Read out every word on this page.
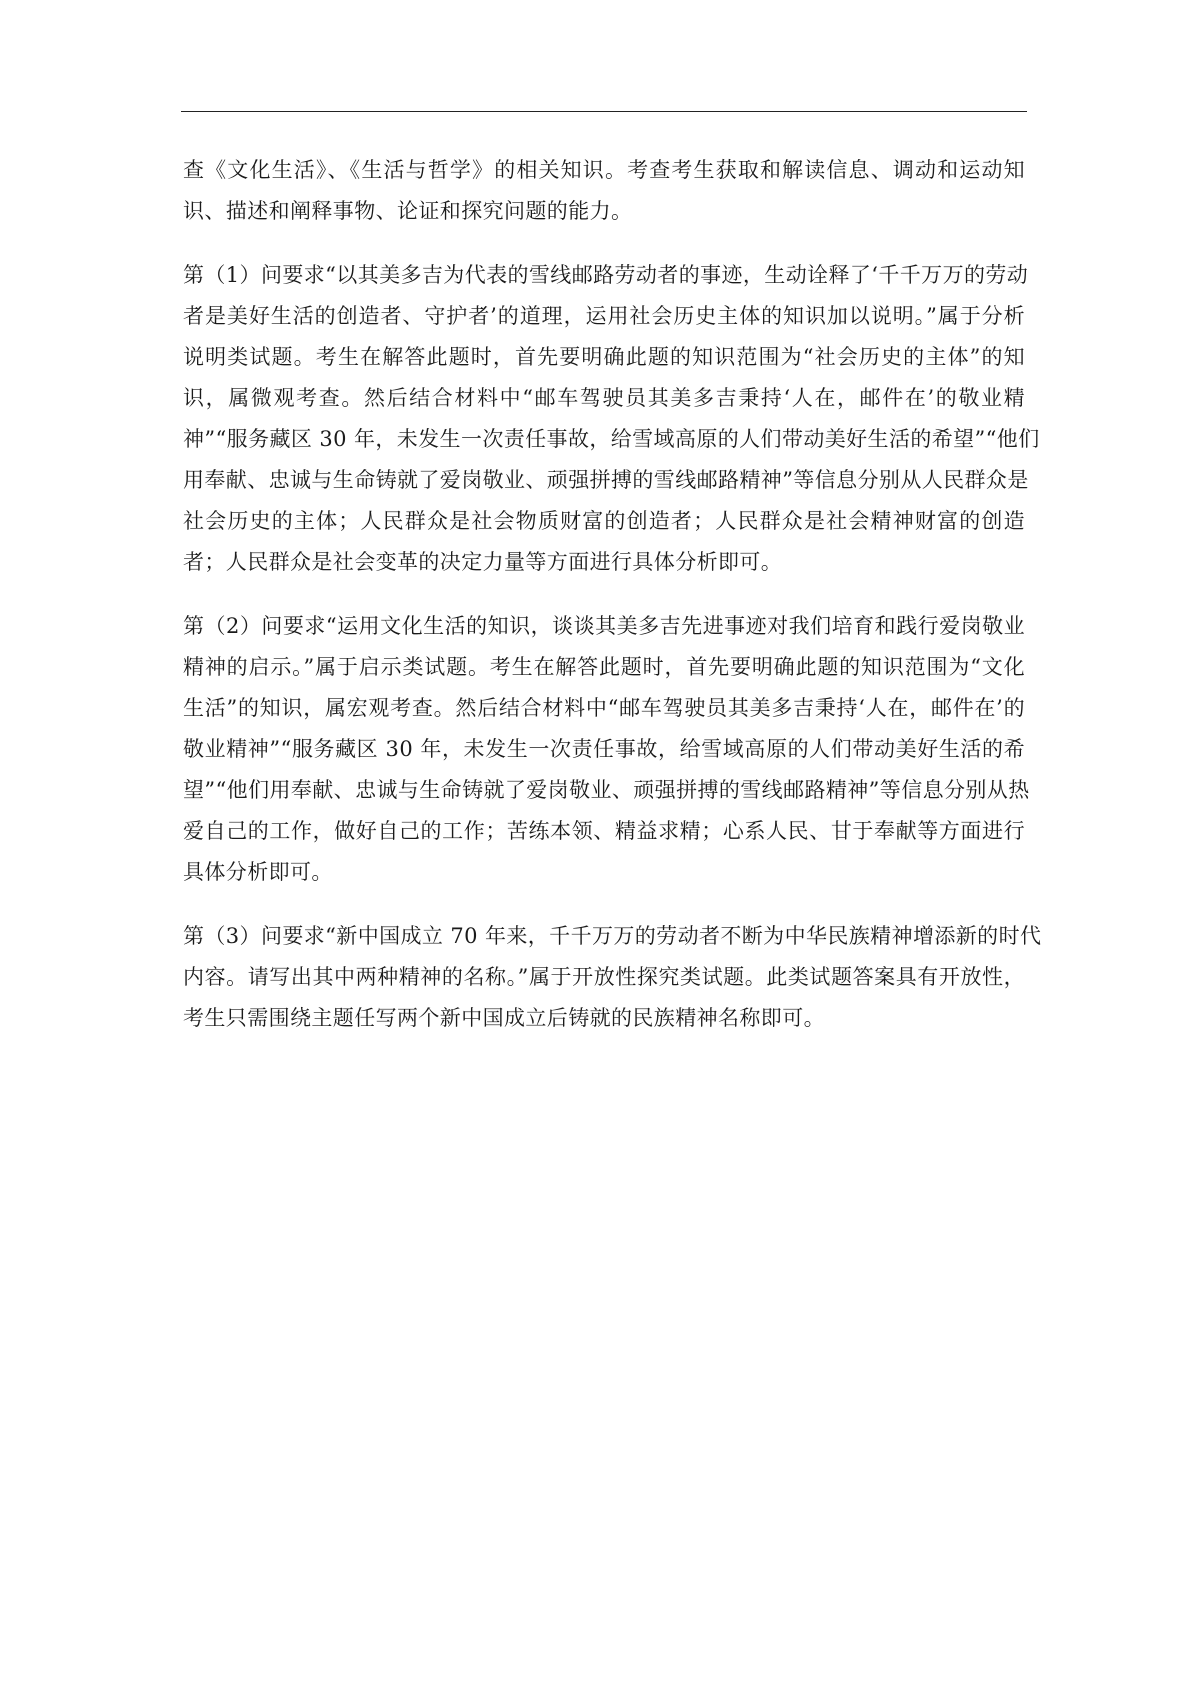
查《文化生活》、《生活与哲学》的相关知识。考查考生获取和解读信息、调动和运动知
识、描述和阐释事物、论证和探究问题的能力。

第（1）问要求“以其美多吉为代表的雪线邮路劳动者的事迹，生动诠释了‘千千万万的劳动
者是美好生活的创造者、守护者’的道理，运用社会历史主体的知识加以说明。”属于分析
说明类试题。考生在解答此题时，首先要明确此题的知识范围为“社会历史的主体”的知
识，属微观考查。然后结合材料中“邮车驾驶员其美多吉秉持‘人在，邮件在’的敬业精
神”“服务藏区 30 年，未发生一次责任事故，给雪域高原的人们带动美好生活的希望”“他们
用奉献、忠诚与生命铸就了爱岗敬业、顽强拼搏的雪线邮路精神”等信息分别从人民群众是
社会历史的主体；人民群众是社会物质财富的创造者；人民群众是社会精神财富的创造
者；人民群众是社会变革的决定力量等方面进行具体分析即可。

第（2）问要求“运用文化生活的知识，谈谈其美多吉先进事迹对我们培育和践行爱岗敬业
精神的启示。”属于启示类试题。考生在解答此题时，首先要明确此题的知识范围为“文化
生活”的知识，属宏观考查。然后结合材料中“邮车驾驶员其美多吉秉持‘人在，邮件在’的
敬业精神”“服务藏区 30 年，未发生一次责任事故，给雪域高原的人们带动美好生活的希
望”“他们用奉献、忠诚与生命铸就了爱岗敬业、顽强拼搏的雪线邮路精神”等信息分别从热
爱自己的工作，做好自己的工作；苦练本领、精益求精；心系人民、甘于奉献等方面进行
具体分析即可。

第（3）问要求“新中国成立 70 年来，千千万万的劳动者不断为中华民族精神增添新的时代
内容。请写出其中两种精神的名称。”属于开放性探究类试题。此类试题答案具有开放性，
考生只需围绕主题任写两个新中国成立后铸就的民族精神名称即可。
